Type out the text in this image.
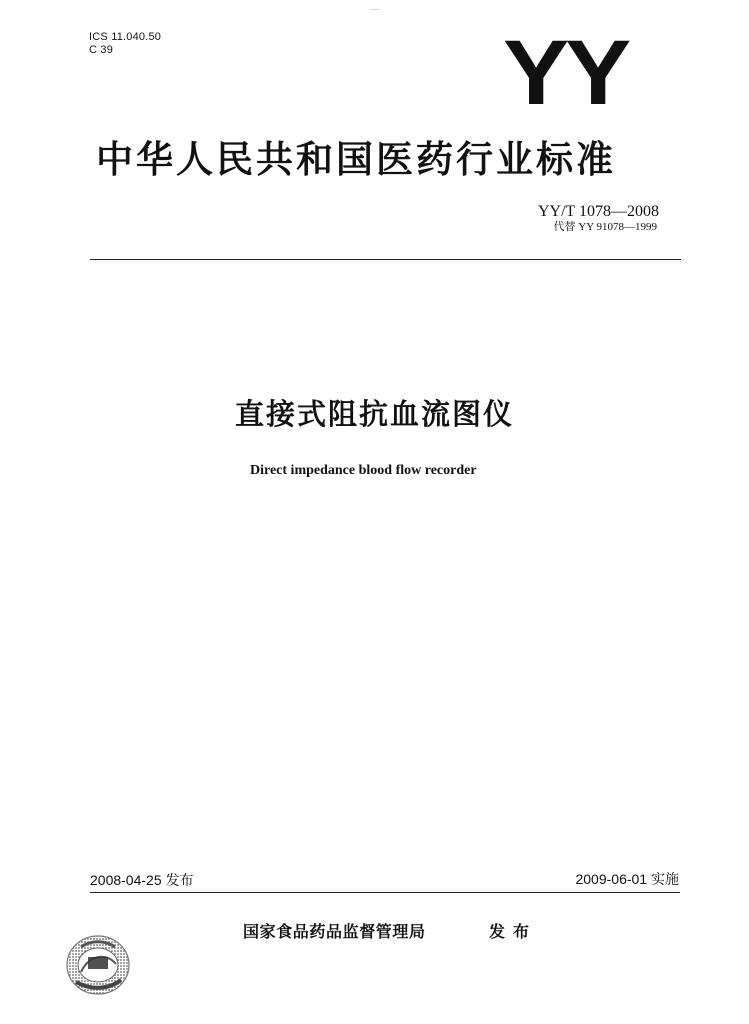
ICS 11.040.50
C 39	YY
中华人民共和国医药行业标准
YY/T 1078—2008
代替 YY 91078—1999
直接式阻抗血流图仪
Direct impedance blood flow recorder
2008-04-25 发布	2009-06-01 实施
国家食品药品监督管理局	发布
